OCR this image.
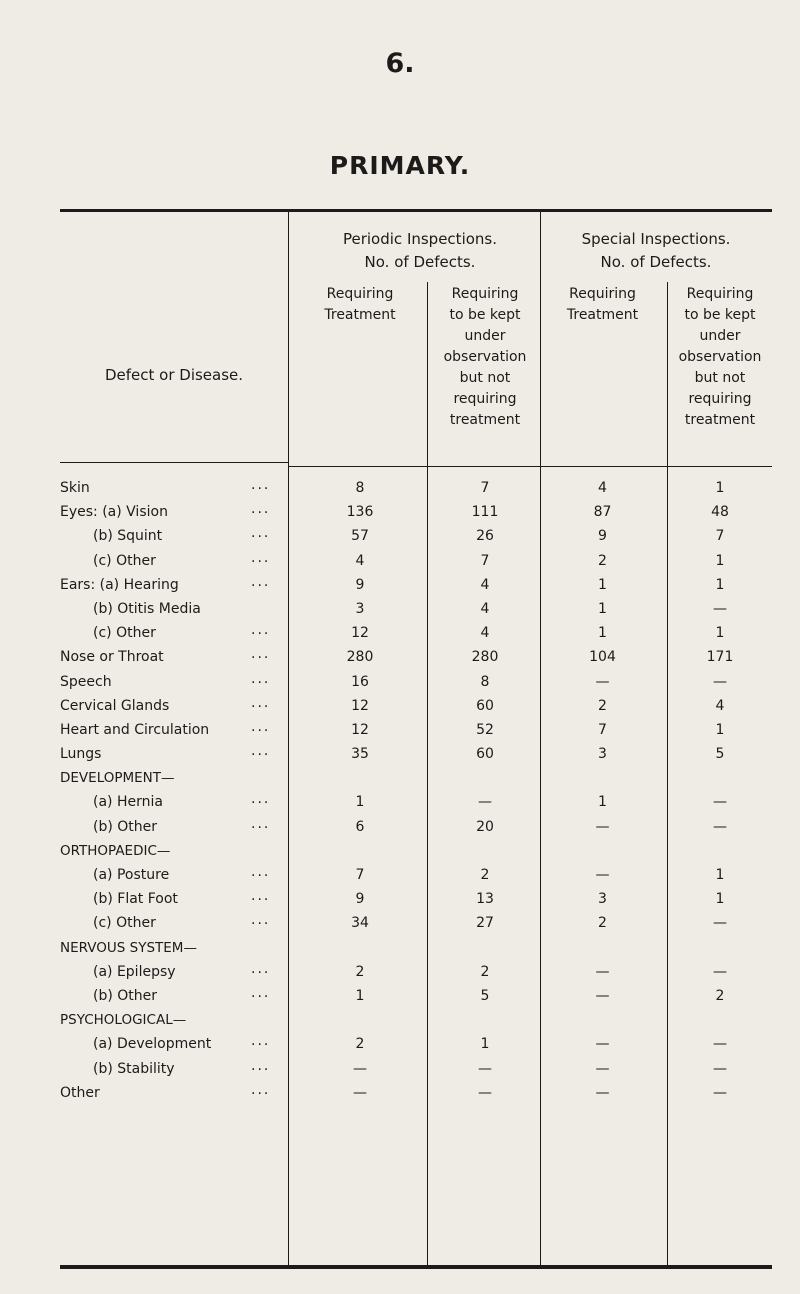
6.
PRIMARY.
Periodic Inspections.
No. of Defects.
Requiring
Treatment
Requiring
to be kept
under
observation
but not
requiring
treatment
Special Inspections.
No. of Defects.
Requiring
Treatment
Requiring
to be kept
under
observation
but not
requiring
treatment
Defect or Disease.
Skin	...	8	7	4	1
Eyes: (a) Vision	...	136	111	87	48
(b) Squint	...	57	26	9	7
(c) Other	...	4	7	2	1
Ears: (a) Hearing	...	9	4	1	1
(b) Otitis Media	3	4	1	—
(c) Other	...	12	4	1	1
Nose or Throat	...	280	280	104	171
Speech	...	16	8	—	—
Cervical Glands	...	12	60	2	4
Heart and Circulation	...	12	52	7	1
Lungs	...	35	60	3	5
DEVELOPMENT—
(a) Hernia	...	1	—	1	—
(b) Other	...	6	20	—	—
ORTHOPAEDIC—
(a) Posture	...	7	2	—	1
(b) Flat Foot	...	9	13	3	1
(c) Other	...	34	27	2	—
NERVOUS SYSTEM—
(a) Epilepsy	...	2	2	—	—
(b) Other	...	1	5	—	2
PSYCHOLOGICAL—
(a) Development	...	2	1	—	—
(b) Stability	...	—	—	—	—
Other	...	—	—	—	—
